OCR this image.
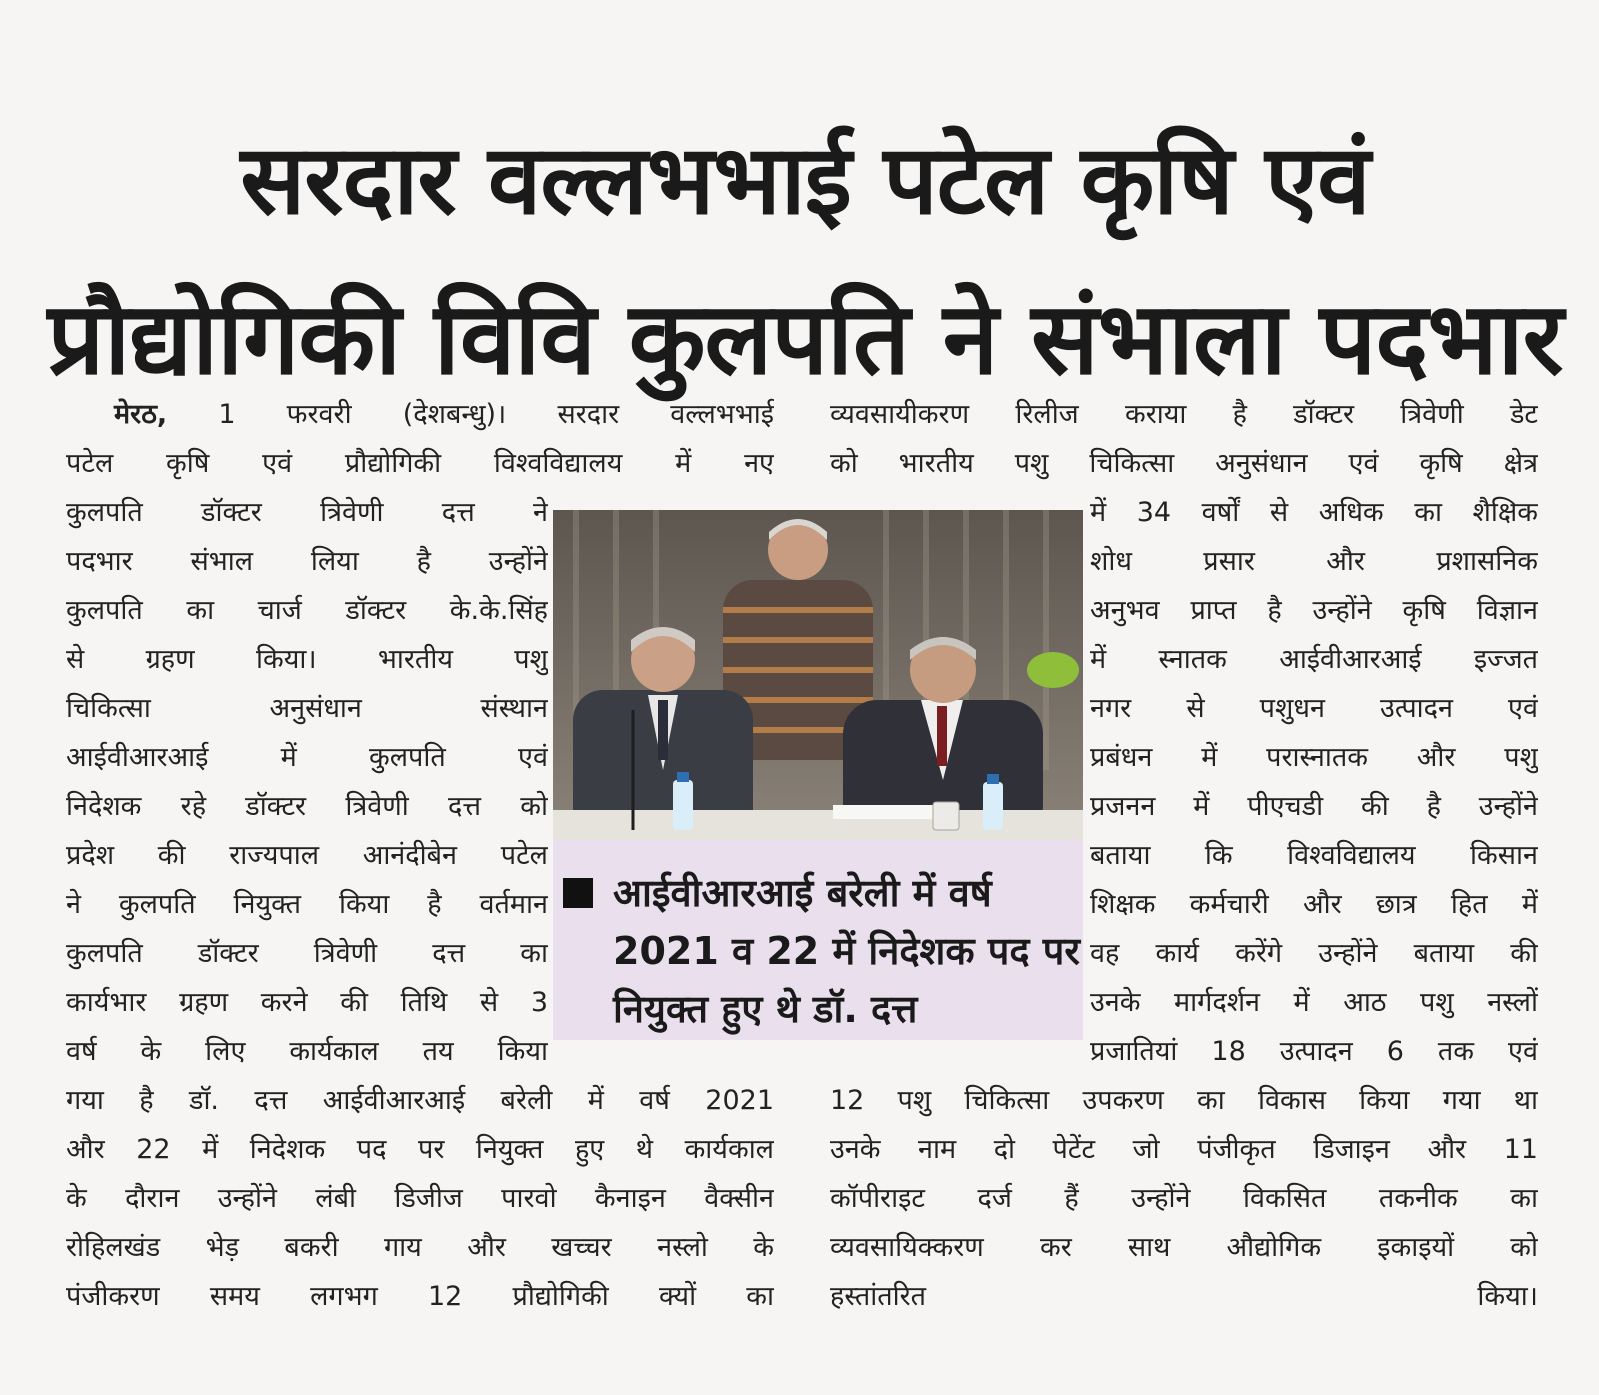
सरदार वल्लभभाई पटेल कृषि एवं
प्रौद्योगिकी विवि कुलपति ने संभाला पदभार
मेरठ, 1 फरवरी (देशबन्धु)। सरदार वल्लभभाई
पटेल कृषि एवं प्रौद्योगिकी विश्वविद्यालय में नए
कुलपति डॉक्टर त्रिवेणी दत्त ने
पदभार संभाल लिया है उन्होंने
कुलपति का चार्ज डॉक्टर के.के.सिंह
से ग्रहण किया। भारतीय पशु
चिकित्सा अनुसंधान संस्थान
आईवीआरआई में कुलपति एवं
निदेशक रहे डॉक्टर त्रिवेणी दत्त को
प्रदेश की राज्यपाल आनंदीबेन पटेल
ने कुलपति नियुक्त किया है वर्तमान
कुलपति डॉक्टर त्रिवेणी दत्त का
कार्यभार ग्रहण करने की तिथि से 3
वर्ष के लिए कार्यकाल तय किया
गया है डॉ. दत्त आईवीआरआई बरेली में वर्ष 2021
और 22 में निदेशक पद पर नियुक्त हुए थे कार्यकाल
के दौरान उन्होंने लंबी डिजीज पारवो कैनाइन वैक्सीन
रोहिलखंड भेड़ बकरी गाय और खच्चर नस्लो के
पंजीकरण समय लगभग 12 प्रौद्योगिकी क्यों का
व्यवसायीकरण रिलीज कराया है डॉक्टर त्रिवेणी डेट
को भारतीय पशु चिकित्सा अनुसंधान एवं कृषि क्षेत्र
में 34 वर्षों से अधिक का शैक्षिक
शोध प्रसार और प्रशासनिक
अनुभव प्राप्त है उन्होंने कृषि विज्ञान
में स्नातक आईवीआरआई इज्जत
नगर से पशुधन उत्पादन एवं
प्रबंधन में परास्नातक और पशु
प्रजनन में पीएचडी की है उन्होंने
बताया कि विश्वविद्यालय किसान
शिक्षक कर्मचारी और छात्र हित में
वह कार्य करेंगे उन्होंने बताया की
उनके मार्गदर्शन में आठ पशु नस्लों
प्रजातियां 18 उत्पादन 6 तक एवं
12 पशु चिकित्सा उपकरण का विकास किया गया था
उनके नाम दो पेटेंट जो पंजीकृत डिजाइन और 11
कॉपीराइट दर्ज हैं उन्होंने विकसित तकनीक का
व्यवसायिक्करण कर साथ औद्योगिक इकाइयों को
हस्तांतरित किया।
आईवीआरआई बरेली में वर्ष
2021 व 22 में निदेशक पद पर
नियुक्त हुए थे डॉ. दत्त
